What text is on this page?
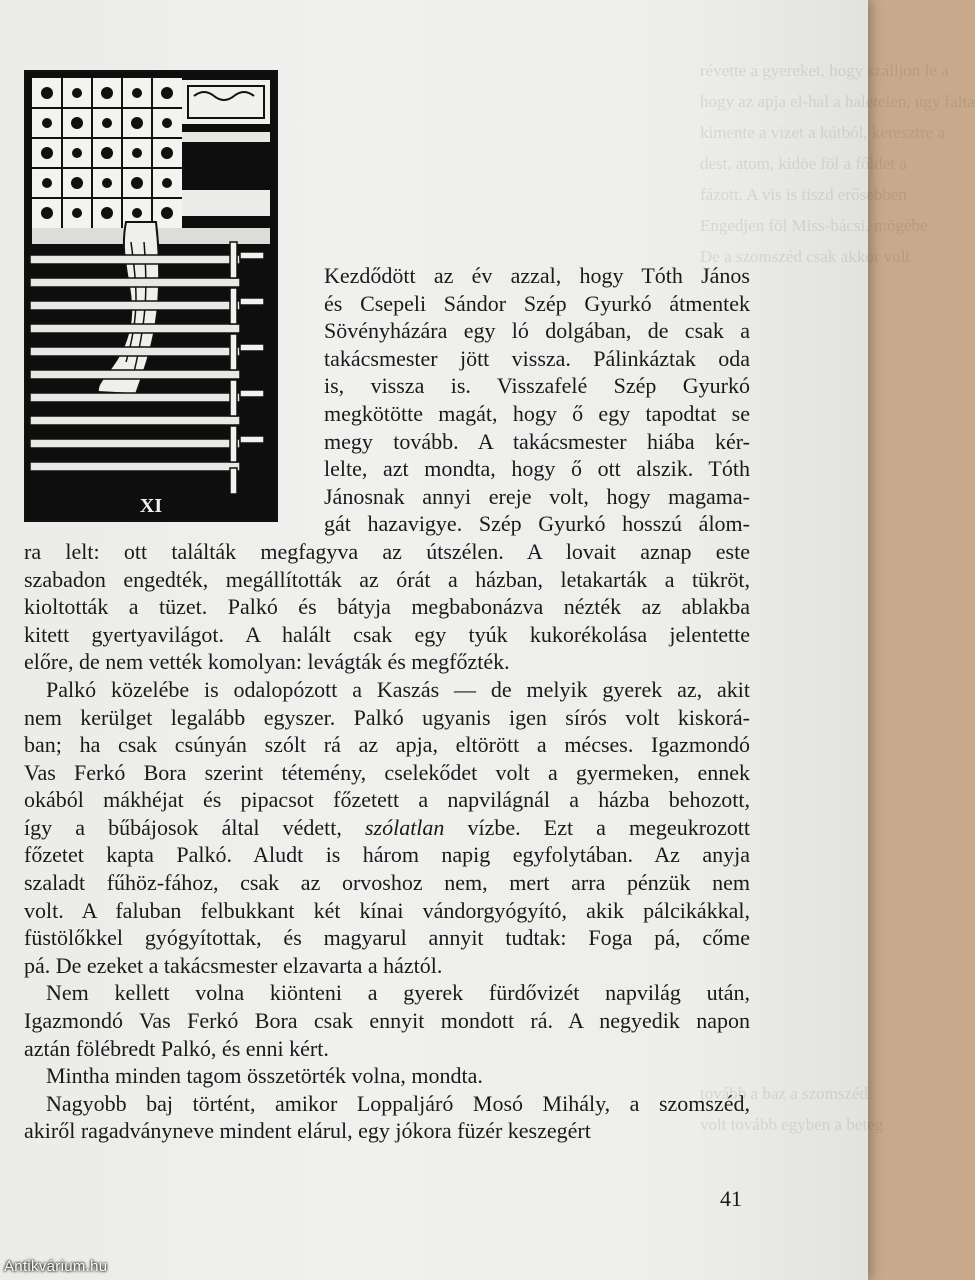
révette a gyereket, hogy szálljon le a
hogy az apja el-hal a haletelen, úgy falta
kimente a vizet a kútból, keresztre a
dest, atom, kidöe föl a főldet a
fázott. A vis is tiszd erősebben
Engedjen föl Miss-bácsi, mögébe
De a szomszéd csak akkor volt
tovább a baz a szomszéd
volt tovább egyben a beteg
XI
Kezdődött az év azzal, hogy Tóth János
és Csepeli Sándor Szép Gyurkó átmentek
Sövényházára egy ló dolgában, de csak a
takácsmester jött vissza. Pálinkáztak oda
is, vissza is. Visszafelé Szép Gyurkó
megkötötte magát, hogy ő egy tapodtat se
megy tovább. A takácsmester hiába kér-
lelte, azt mondta, hogy ő ott alszik. Tóth
Jánosnak annyi ereje volt, hogy magama-
gát hazavigye. Szép Gyurkó hosszú álom-
ra lelt: ott találták megfagyva az útszélen. A lovait aznap este
szabadon engedték, megállították az órát a házban, letakarták a tükröt,
kioltották a tüzet. Palkó és bátyja megbabonázva nézték az ablakba
kitett gyertyavilágot. A halált csak egy tyúk kukorékolása jelentette
előre, de nem vették komolyan: levágták és megfőzték.
Palkó közelébe is odalopózott a Kaszás — de melyik gyerek az, akit
nem kerülget legalább egyszer. Palkó ugyanis igen sírós volt kiskorá-
ban; ha csak csúnyán szólt rá az apja, eltörött a mécses. Igazmondó
Vas Ferkó Bora szerint tétemény, cselekődet volt a gyermeken, ennek
okából mákhéjat és pipacsot főzetett a napvilágnál a házba behozott,
így a bűbájosok által védett, szólatlan vízbe. Ezt a megeukrozott
főzetet kapta Palkó. Aludt is három napig egyfolytában. Az anyja
szaladt fűhöz-fához, csak az orvoshoz nem, mert arra pénzük nem
volt. A faluban felbukkant két kínai vándorgyógyító, akik pálcikákkal,
füstölőkkel gyógyítottak, és magyarul annyit tudtak: Foga pá, cőme
pá. De ezeket a takácsmester elzavarta a háztól.
Nem kellett volna kiönteni a gyerek fürdővizét napvilág után,
Igazmondó Vas Ferkó Bora csak ennyit mondott rá. A negyedik napon
aztán fölébredt Palkó, és enni kért.
Mintha minden tagom összetörték volna, mondta.
Nagyobb baj történt, amikor Loppaljáró Mosó Mihály, a szomszéd,
akiről ragadványneve mindent elárul, egy jókora füzér keszegért
41
Antikvárium.hu
